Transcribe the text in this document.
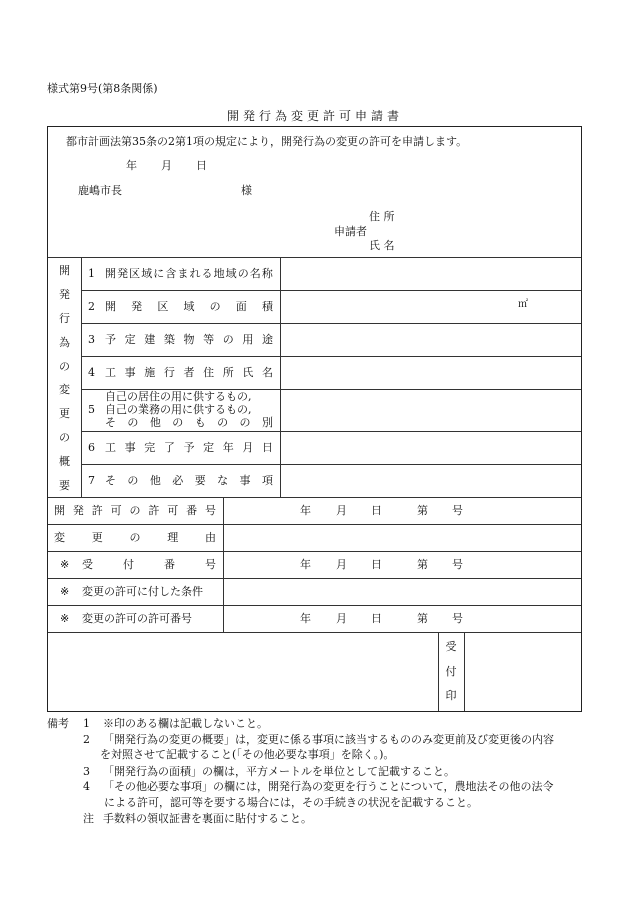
様式第9号(第8条関係)
開発行為変更許可申請書
都市計画法第35条の2第1項の規定により，開発行為の変更の許可を申請します。
年 月 日
鹿嶋市長	様
住 所
申請者
氏 名
開
発
行
為
の
変
更
の
概
要
1 開 発 区 域 に 含 ま れ る 地 域 の 名 称
2 開 発 区 域 の 面 積	㎡
3 予 定 建 築 物 等 の 用 途
4 工 事 施 行 者 住 所 氏 名
5
自己の居住の用に供するもの,
自己の業務の用に供するもの,
そ の 他 の も の の 別
6 工 事 完 了 予 定 年 月 日
7 そ の 他 必 要 な 事 項
開 発 許 可 の 許 可 番 号	年 月 日	第 号
変 更 の 理 由
※ 受	付	番	号	年 月 日	第 号
※ 変更の許可に付した条件
※ 変更の許可の許可番号	年 月 日	第 号
受
付
印
備考 1 ※印のある欄は記載しないこと。
2 「開発行為の変更の概要」は，変更に係る事項に該当するもののみ変更前及び変更後の内容
を対照させて記載すること(「その他必要な事項」を除く。)。
3 「開発行為の面積」の欄は，平方メートルを単位として記載すること。
4 「その他必要な事項」の欄には，開発行為の変更を行うことについて，農地法その他の法令
による許可，認可等を要する場合には，その手続きの状況を記載すること。
注 手数料の領収証書を裏面に貼付すること。
